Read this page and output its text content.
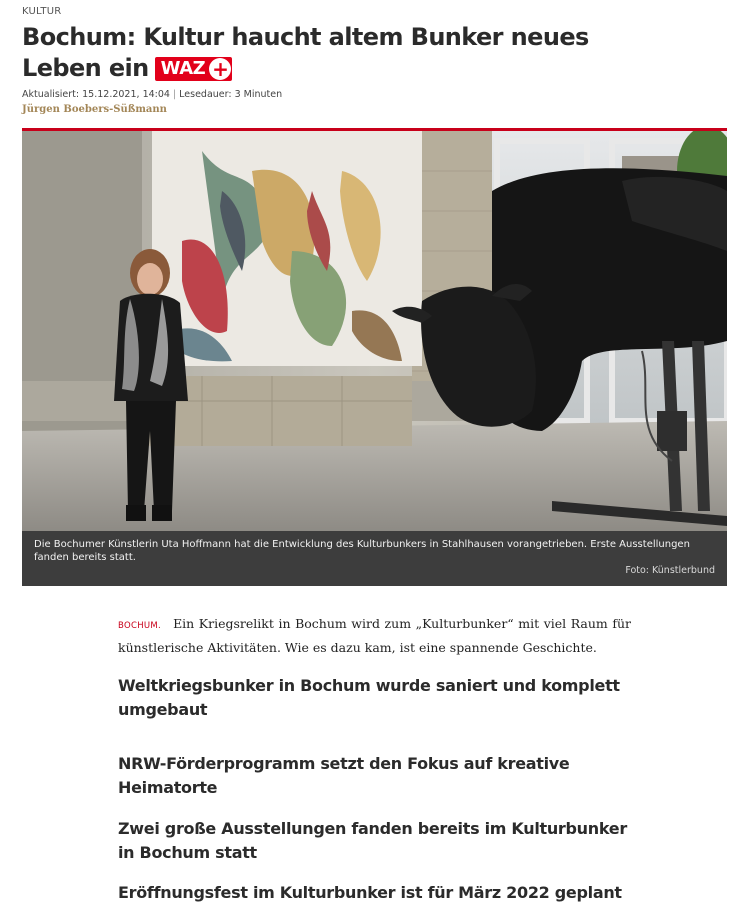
KULTUR
Bochum: Kultur haucht altem Bunker neues
Leben ein WAZ +
Aktualisiert: 15.12.2021, 14:04 | Lesedauer: 3 Minuten
Jürgen Boebers-Süßmann
Die Bochumer Künstlerin Uta Hoffmann hat die Entwicklung des Kulturbunkers in Stahlhausen vorangetrieben. Erste Ausstellungen fanden bereits statt.
Foto: Künstlerbund

BOCHUM. Ein Kriegsrelikt in Bochum wird zum „Kulturbunker“ mit viel Raum für künstlerische Aktivitäten. Wie es dazu kam, ist eine spannende Geschichte.

Weltkriegsbunker in Bochum wurde saniert und komplett umgebaut
NRW-Förderprogramm setzt den Fokus auf kreative Heimatorte
Zwei große Ausstellungen fanden bereits im Kulturbunker in Bochum statt
Eröffnungsfest im Kulturbunker ist für März 2022 geplant
